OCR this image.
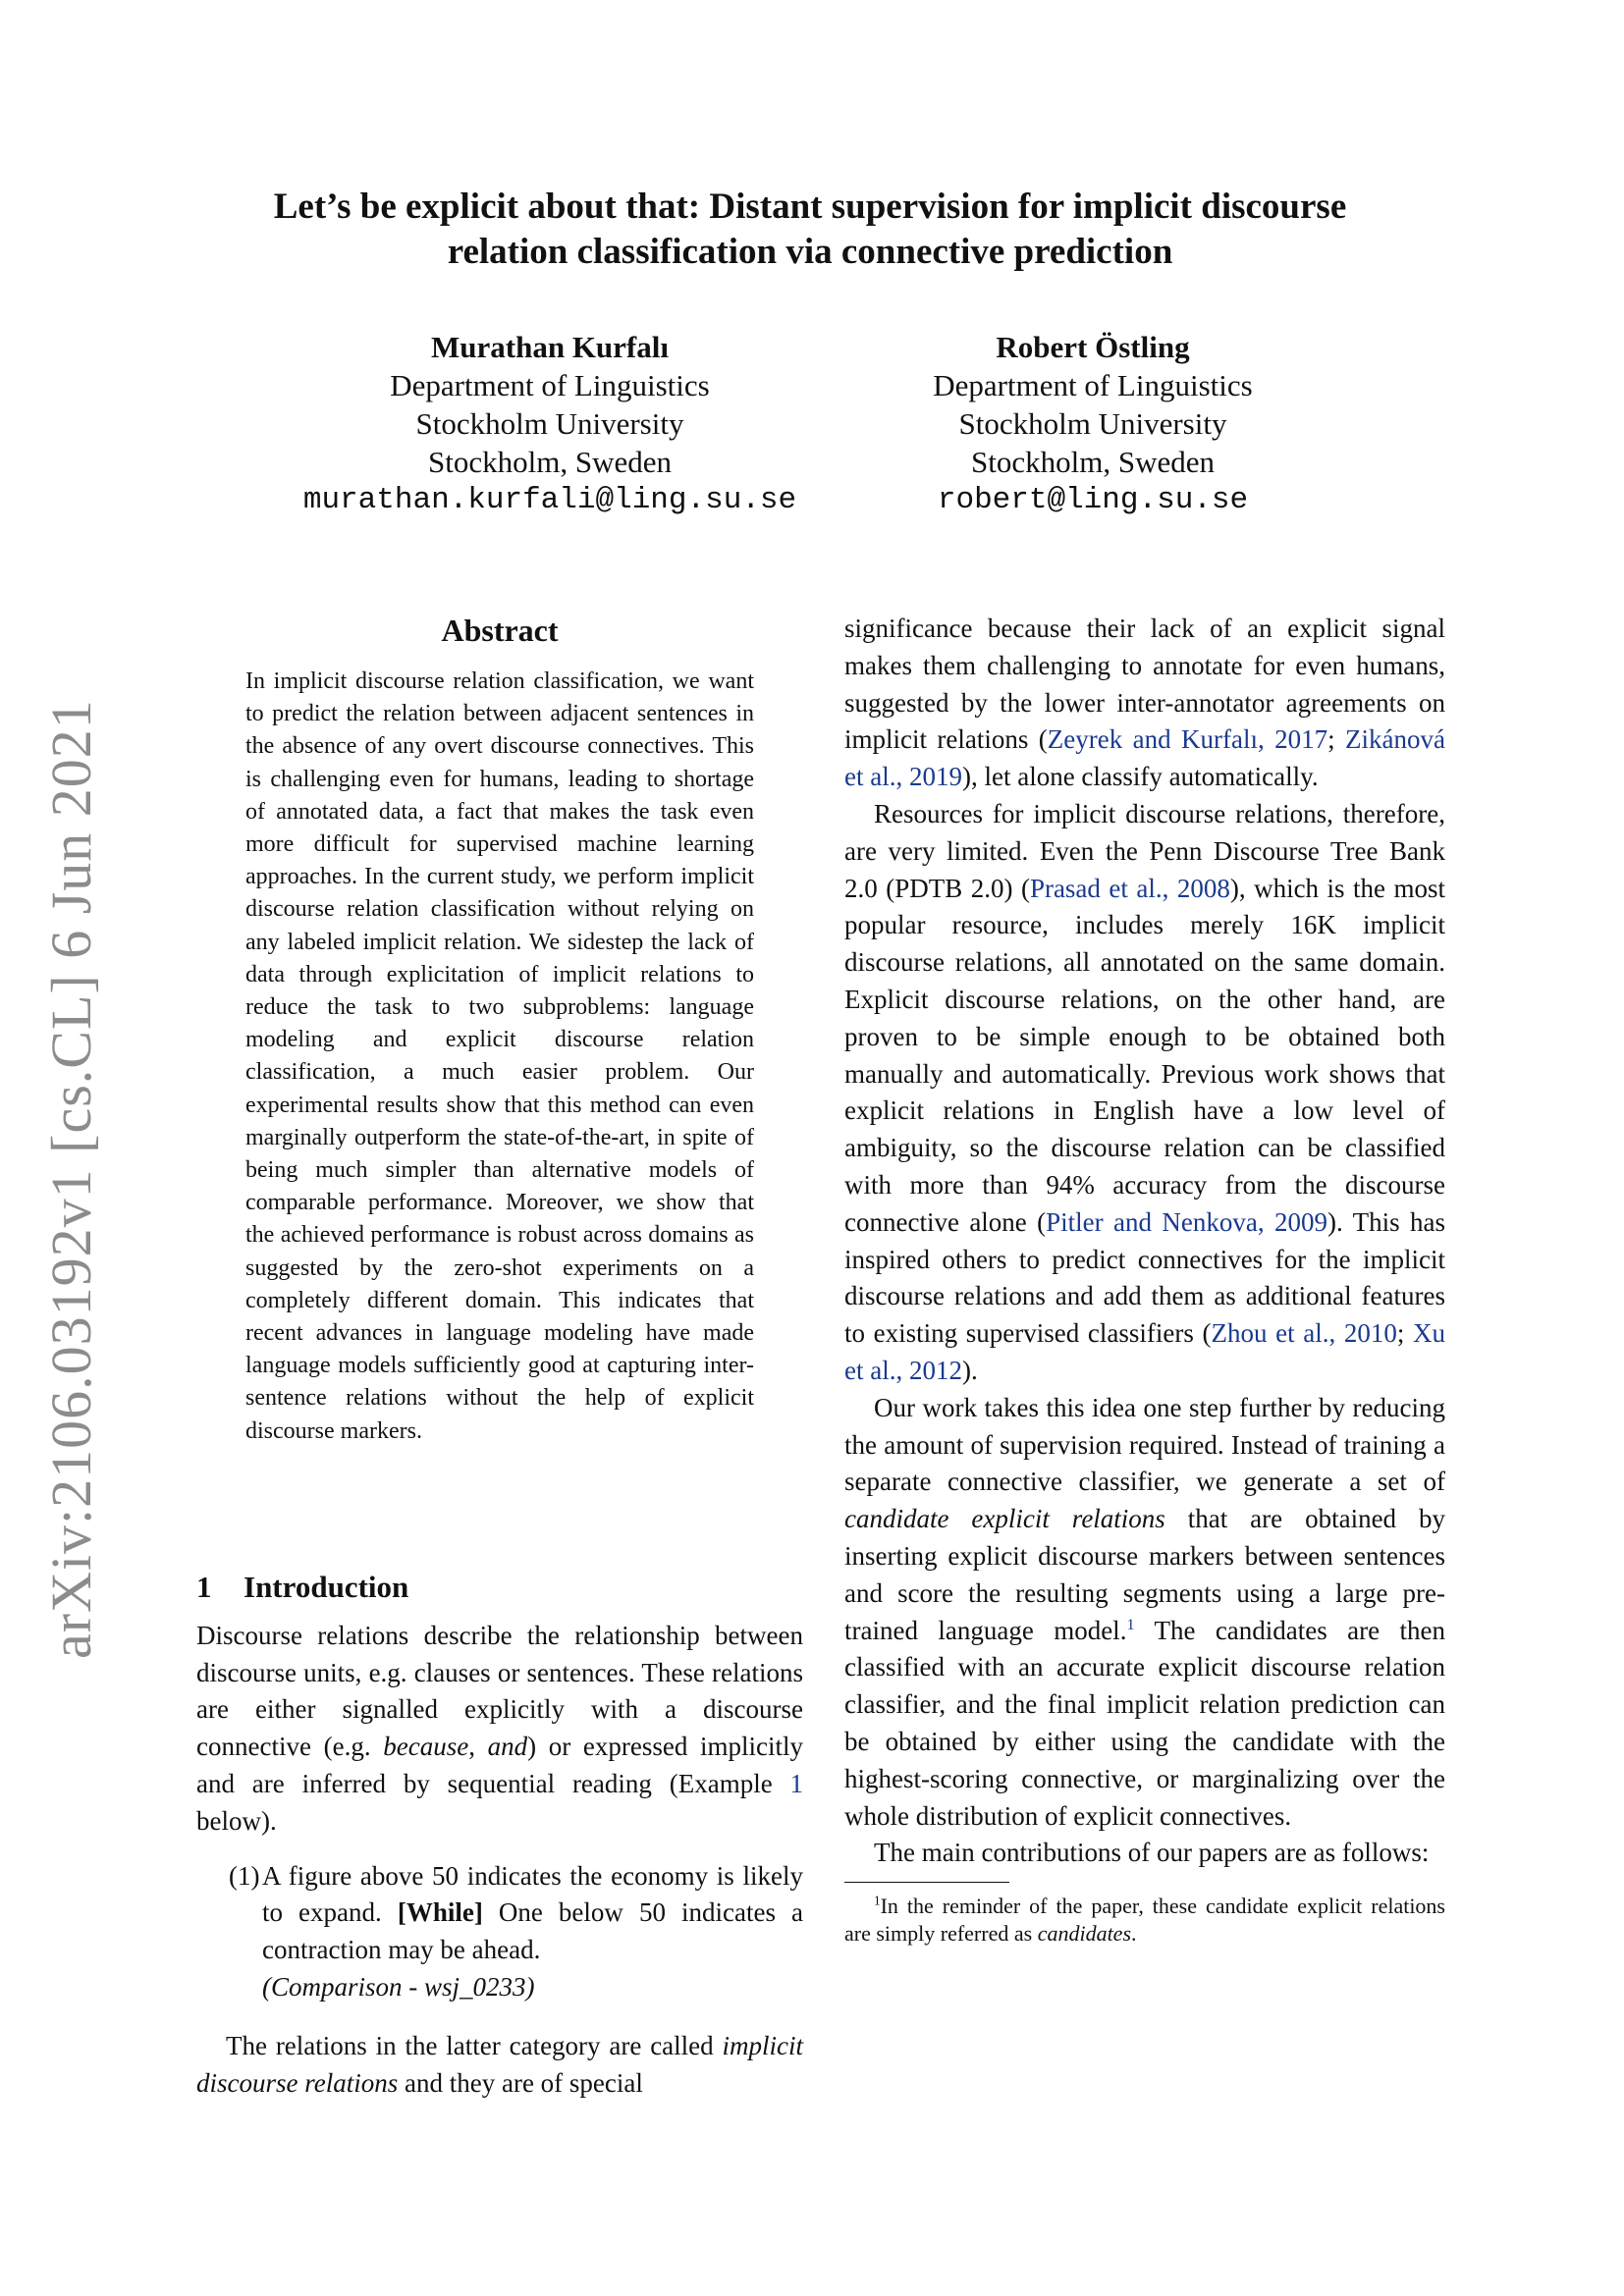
arXiv:2106.03192v1 [cs.CL] 6 Jun 2021
Let’s be explicit about that: Distant supervision for implicit discourse
relation classification via connective prediction
Murathan Kurfalı
Department of Linguistics
Stockholm University
Stockholm, Sweden
murathan.kurfali@ling.su.se
Robert Östling
Department of Linguistics
Stockholm University
Stockholm, Sweden
robert@ling.su.se
Abstract
In implicit discourse relation classification, we want to predict the relation between adjacent sentences in the absence of any overt discourse connectives. This is challenging even for humans, leading to shortage of annotated data, a fact that makes the task even more difficult for supervised machine learning approaches. In the current study, we perform implicit discourse relation classification without relying on any labeled implicit relation. We sidestep the lack of data through explicitation of implicit relations to reduce the task to two subproblems: language modeling and explicit discourse relation classification, a much easier problem. Our experimental results show that this method can even marginally outperform the state-of-the-art, in spite of being much simpler than alternative models of comparable performance. Moreover, we show that the achieved performance is robust across domains as suggested by the zero-shot experiments on a completely different domain. This indicates that recent advances in language modeling have made language models sufficiently good at capturing inter-sentence relations without the help of explicit discourse markers.

1 Introduction

Discourse relations describe the relationship between discourse units, e.g. clauses or sentences. These relations are either signalled explicitly with a discourse connective (e.g. because, and) or expressed implicitly and are inferred by sequential reading (Example 1 below).

(1) A figure above 50 indicates the economy is likely to expand. [While] One below 50 indicates a contraction may be ahead.
(Comparison - wsj_0233)

The relations in the latter category are called implicit discourse relations and they are of special

significance because their lack of an explicit signal makes them challenging to annotate for even humans, suggested by the lower inter-annotator agreements on implicit relations (Zeyrek and Kurfalı, 2017; Zikánová et al., 2019), let alone classify automatically.

Resources for implicit discourse relations, therefore, are very limited. Even the Penn Discourse Tree Bank 2.0 (PDTB 2.0) (Prasad et al., 2008), which is the most popular resource, includes merely 16K implicit discourse relations, all annotated on the same domain. Explicit discourse relations, on the other hand, are proven to be simple enough to be obtained both manually and automatically. Previous work shows that explicit relations in English have a low level of ambiguity, so the discourse relation can be classified with more than 94% accuracy from the discourse connective alone (Pitler and Nenkova, 2009). This has inspired others to predict connectives for the implicit discourse relations and add them as additional features to existing supervised classifiers (Zhou et al., 2010; Xu et al., 2012).

Our work takes this idea one step further by reducing the amount of supervision required. Instead of training a separate connective classifier, we generate a set of candidate explicit relations that are obtained by inserting explicit discourse markers between sentences and score the resulting segments using a large pre-trained language model.$^1$ The candidates are then classified with an accurate explicit discourse relation classifier, and the final implicit relation prediction can be obtained by either using the candidate with the highest-scoring connective, or marginalizing over the whole distribution of explicit connectives.

The main contributions of our papers are as follows:

$^1$In the reminder of the paper, these candidate explicit relations are simply referred as candidates.
